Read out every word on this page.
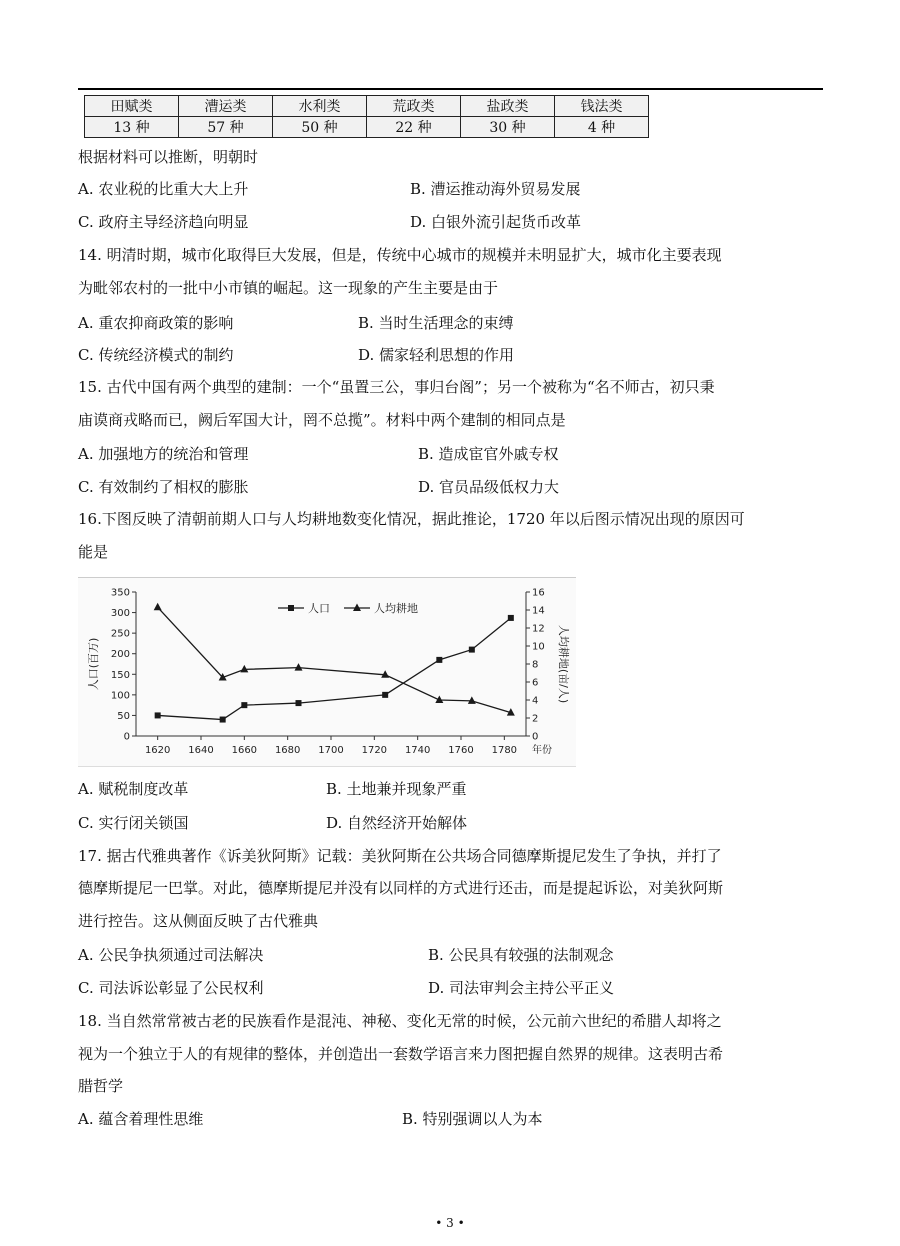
田赋类	漕运类	水利类	荒政类	盐政类	钱法类
13 种	57 种	50 种	22 种	30 种	4 种
根据材料可以推断，明朝时
A. 农业税的比重大大上升	B. 漕运推动海外贸易发展
C. 政府主导经济趋向明显	D. 白银外流引起货币改革
14. 明清时期，城市化取得巨大发展，但是，传统中心城市的规模并未明显扩大，城市化主要表现
为毗邻农村的一批中小市镇的崛起。这一现象的产生主要是由于
A. 重农抑商政策的影响	B. 当时生活理念的束缚
C. 传统经济模式的制约	D. 儒家轻利思想的作用
15. 古代中国有两个典型的建制：一个“虽置三公，事归台阁”；另一个被称为“名不师古，初只秉
庙谟商戎略而已，阙后军国大计，罔不总揽”。材料中两个建制的相同点是
A. 加强地方的统治和管理	B. 造成宦官外戚专权
C. 有效制约了相权的膨胀	D. 官员品级低权力大
16.下图反映了清朝前期人口与人均耕地数变化情况，据此推论，1720 年以后图示情况出现的原因可
能是
0
50
100
150
200
250
300
350
0
2
4
6
8
10
12
14
16
1620 1640 1660 1680 1700 1720 1740 1760 1780 年份
人口(百万)	人均耕地(亩/人)
人口	人均耕地
A. 赋税制度改革	B. 土地兼并现象严重
C. 实行闭关锁国	D. 自然经济开始解体
17. 据古代雅典著作《诉美狄阿斯》记载：美狄阿斯在公共场合同德摩斯提尼发生了争执，并打了
德摩斯提尼一巴掌。对此，德摩斯提尼并没有以同样的方式进行还击，而是提起诉讼，对美狄阿斯
进行控告。这从侧面反映了古代雅典
A. 公民争执须通过司法解决	B. 公民具有较强的法制观念
C. 司法诉讼彰显了公民权利	D. 司法审判会主持公平正义
18. 当自然常常被古老的民族看作是混沌、神秘、变化无常的时候，公元前六世纪的希腊人却将之
视为一个独立于人的有规律的整体，并创造出一套数学语言来力图把握自然界的规律。这表明古希
腊哲学
A. 蕴含着理性思维	B. 特别强调以人为本
• 3 •
